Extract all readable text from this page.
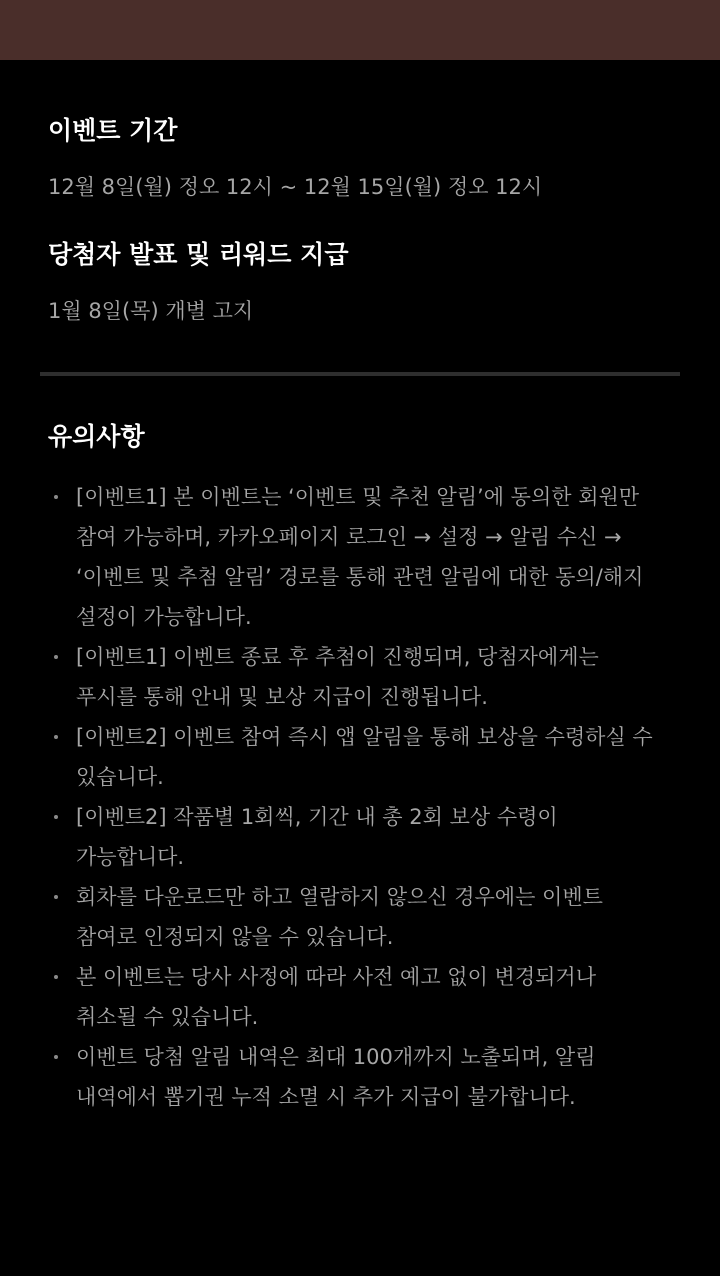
이벤트 기간

12월 8일(월) 정오 12시 ~ 12월 15일(월) 정오 12시

당첨자 발표 및 리워드 지급

1월 8일(목) 개별 고지

유의사항
[이벤트1] 본 이벤트는 ‘이벤트 및 추천 알림’에 동의한 회원만 참여 가능하며, 카카오페이지 로그인 → 설정 → 알림 수신 → ‘이벤트 및 추첨 알림’ 경로를 통해 관련 알림에 대한 동의/해지 설정이 가능합니다.
[이벤트1] 이벤트 종료 후 추첨이 진행되며, 당첨자에게는 푸시를 통해 안내 및 보상 지급이 진행됩니다.
[이벤트2] 이벤트 참여 즉시 앱 알림을 통해 보상을 수령하실 수 있습니다.
[이벤트2] 작품별 1회씩, 기간 내 총 2회 보상 수령이 가능합니다.
회차를 다운로드만 하고 열람하지 않으신 경우에는 이벤트 참여로 인정되지 않을 수 있습니다.
본 이벤트는 당사 사정에 따라 사전 예고 없이 변경되거나 취소될 수 있습니다.
이벤트 당첨 알림 내역은 최대 100개까지 노출되며, 알림 내역에서 뽑기권 누적 소멸 시 추가 지급이 불가합니다.
